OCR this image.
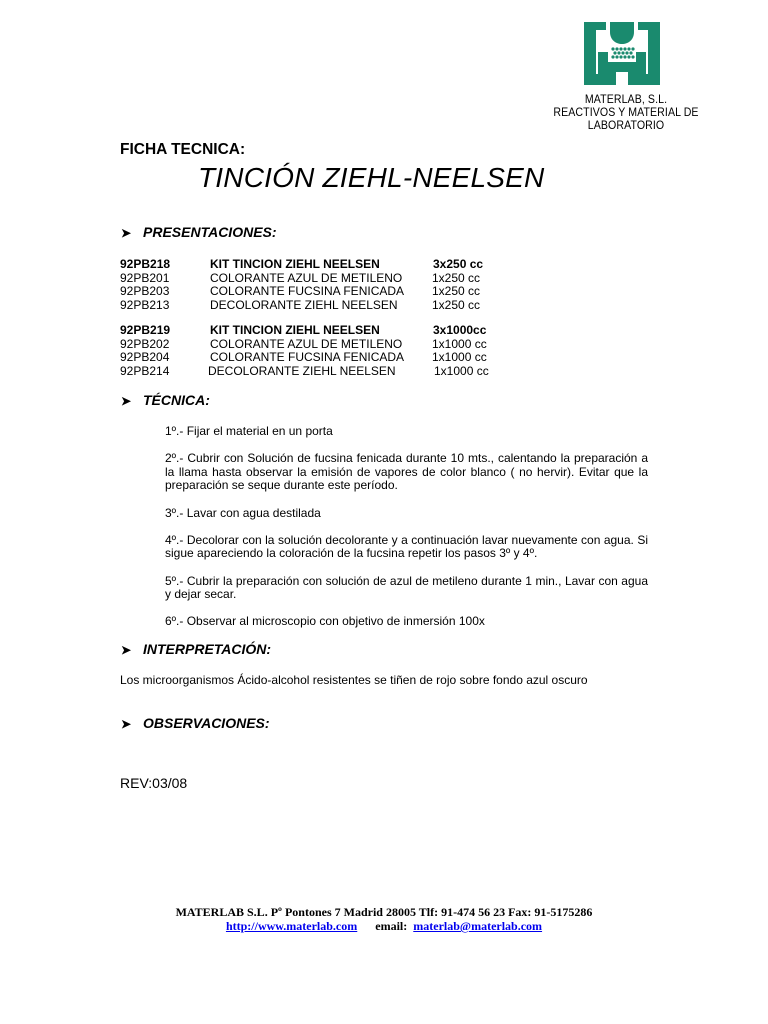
MATERLAB, S.L.
REACTIVOS Y MATERIAL DE LABORATORIO
FICHA TECNICA:
TINCIÓN ZIEHL-NEELSEN
➤ PRESENTACIONES:
92PB218	KIT TINCION ZIEHL NEELSEN	3x250 cc
92PB201	COLORANTE AZUL DE METILENO 1x250 cc
92PB203	COLORANTE FUCSINA FENICADA 1x250 cc
92PB213	DECOLORANTE ZIEHL NEELSEN	1x250 cc
92PB219	KIT TINCION ZIEHL NEELSEN	3x1000cc
92PB202	COLORANTE AZUL DE METILENO 1x1000 cc
92PB204	COLORANTE FUCSINA FENICADA 1x1000 cc
92PB214	DECOLORANTE ZIEHL NEELSEN	1x1000 cc
➤ TÉCNICA:

1º.- Fijar el material en un porta

2º.- Cubrir con Solución de fucsina fenicada durante 10 mts., calentando la preparación a la llama hasta observar la emisión de vapores de color blanco ( no hervir). Evitar que la preparación se seque durante este período.

3º.- Lavar con agua destilada

4º.- Decolorar con la solución decolorante y a continuación lavar nuevamente con agua. Si sigue apareciendo la coloración de la fucsina repetir los pasos 3º y 4º.

5º.- Cubrir la preparación con solución de azul de metileno durante 1 min., Lavar con agua y dejar secar.

6º.- Observar al microscopio con objetivo de inmersión 100x

➤ INTERPRETACIÓN:
Los microorganismos Ácido-alcohol resistentes se tiñen de rojo sobre fondo azul oscuro
➤ OBSERVACIONES:
REV:03/08
MATERLAB S.L. Pº Pontones 7 Madrid 28005 Tlf: 91-474 56 23 Fax: 91-5175286
http://www.materlab.com email: materlab@materlab.com
